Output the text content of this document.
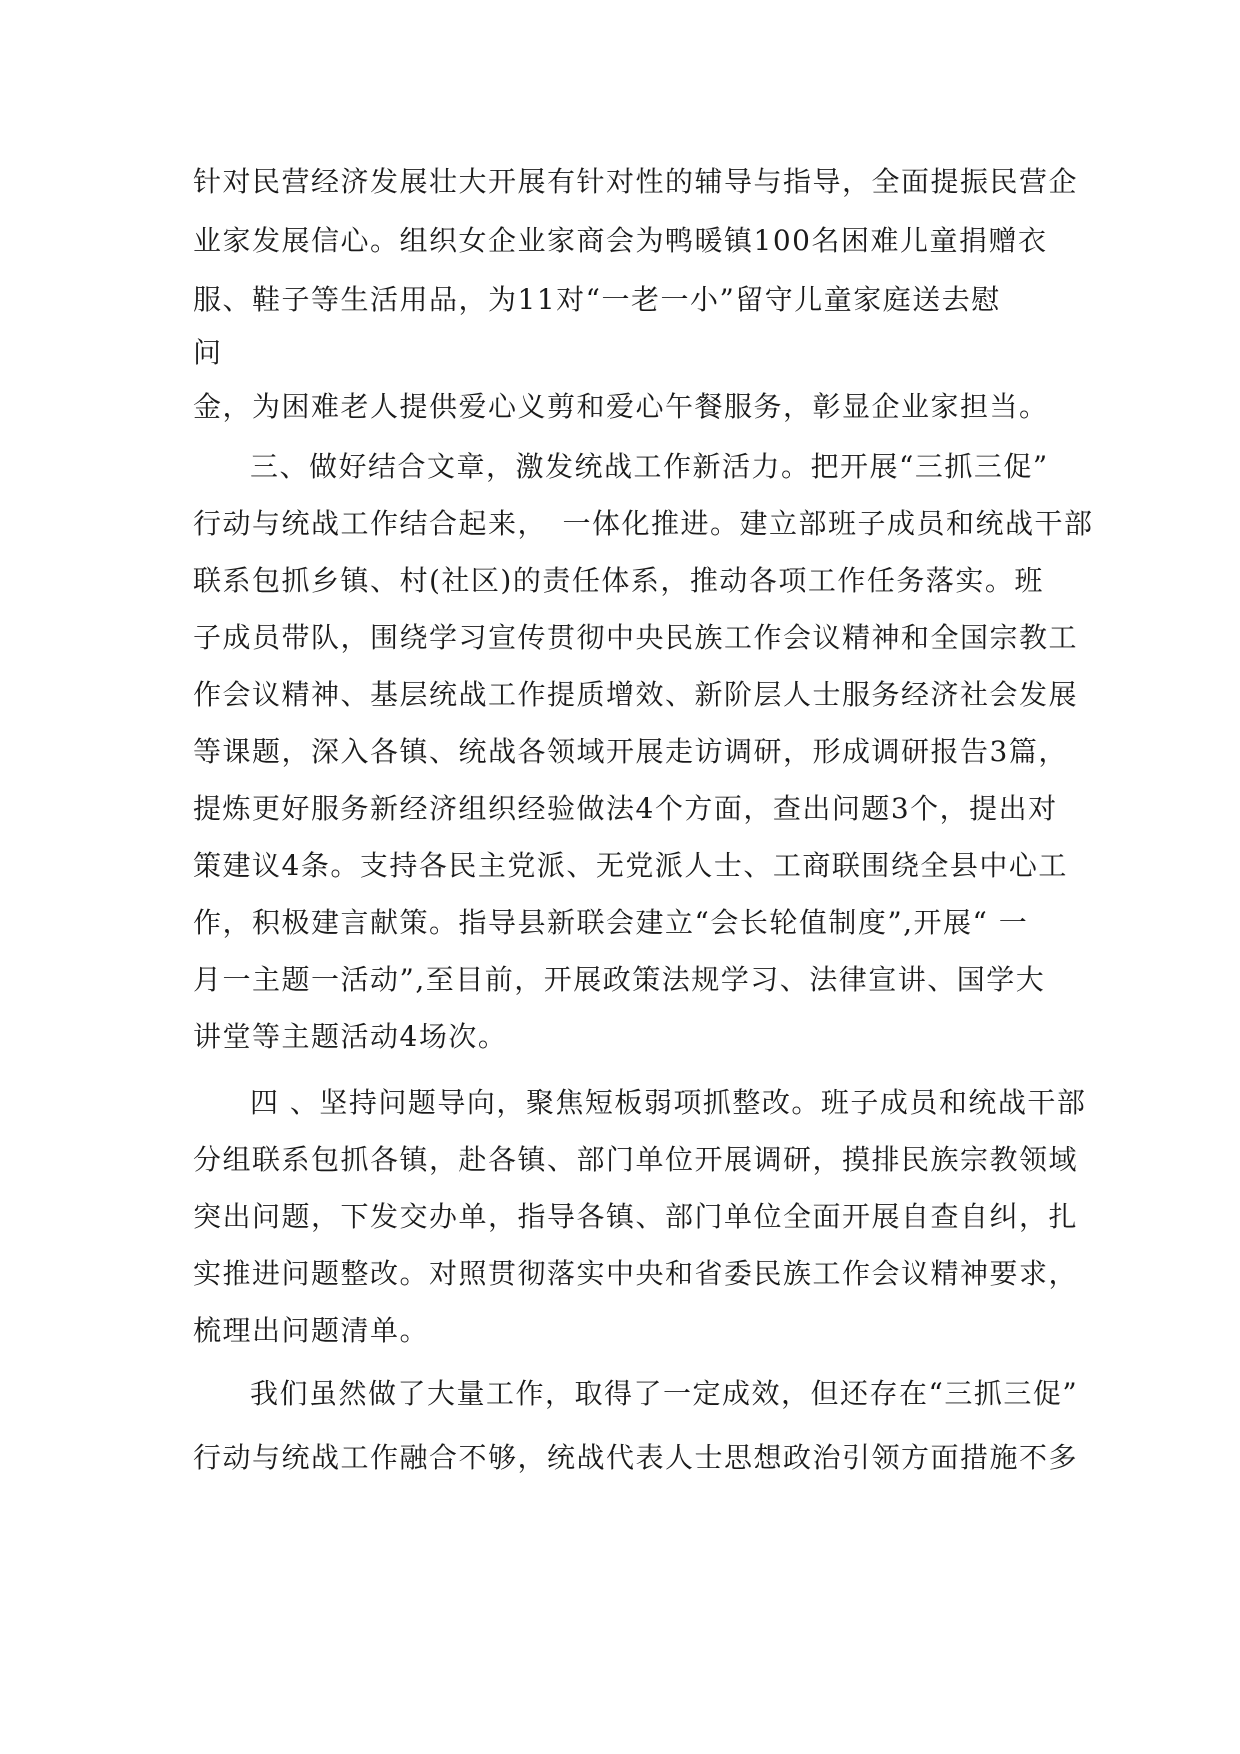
针对民营经济发展壮大开展有针对性的辅导与指导，全面提振民营企
业家发展信心。组织女企业家商会为鸭暖镇100名困难儿童捐赠衣
服、鞋子等生活用品，为11对“一老一小”留守儿童家庭送去慰
问
金，为困难老人提供爱心义剪和爱心午餐服务，彰显企业家担当。
三、做好结合文章，激发统战工作新活力。把开展“三抓三促”
行动与统战工作结合起来，　一体化推进。建立部班子成员和统战干部
联系包抓乡镇、村(社区)的责任体系，推动各项工作任务落实。班
子成员带队，围绕学习宣传贯彻中央民族工作会议精神和全国宗教工
作会议精神、基层统战工作提质增效、新阶层人士服务经济社会发展
等课题，深入各镇、统战各领域开展走访调研，形成调研报告3篇，
提炼更好服务新经济组织经验做法4个方面，查出问题3个，提出对
策建议4条。支持各民主党派、无党派人士、工商联围绕全县中心工
作，积极建言献策。指导县新联会建立“会长轮值制度”,开展“ 一
月一主题一活动”,至目前，开展政策法规学习、法律宣讲、国学大
讲堂等主题活动4场次。
四 、坚持问题导向，聚焦短板弱项抓整改。班子成员和统战干部
分组联系包抓各镇，赴各镇、部门单位开展调研，摸排民族宗教领域
突出问题，下发交办单，指导各镇、部门单位全面开展自查自纠，扎
实推进问题整改。对照贯彻落实中央和省委民族工作会议精神要求，
梳理出问题清单。
我们虽然做了大量工作，取得了一定成效，但还存在“三抓三促”
行动与统战工作融合不够，统战代表人士思想政治引领方面措施不多
